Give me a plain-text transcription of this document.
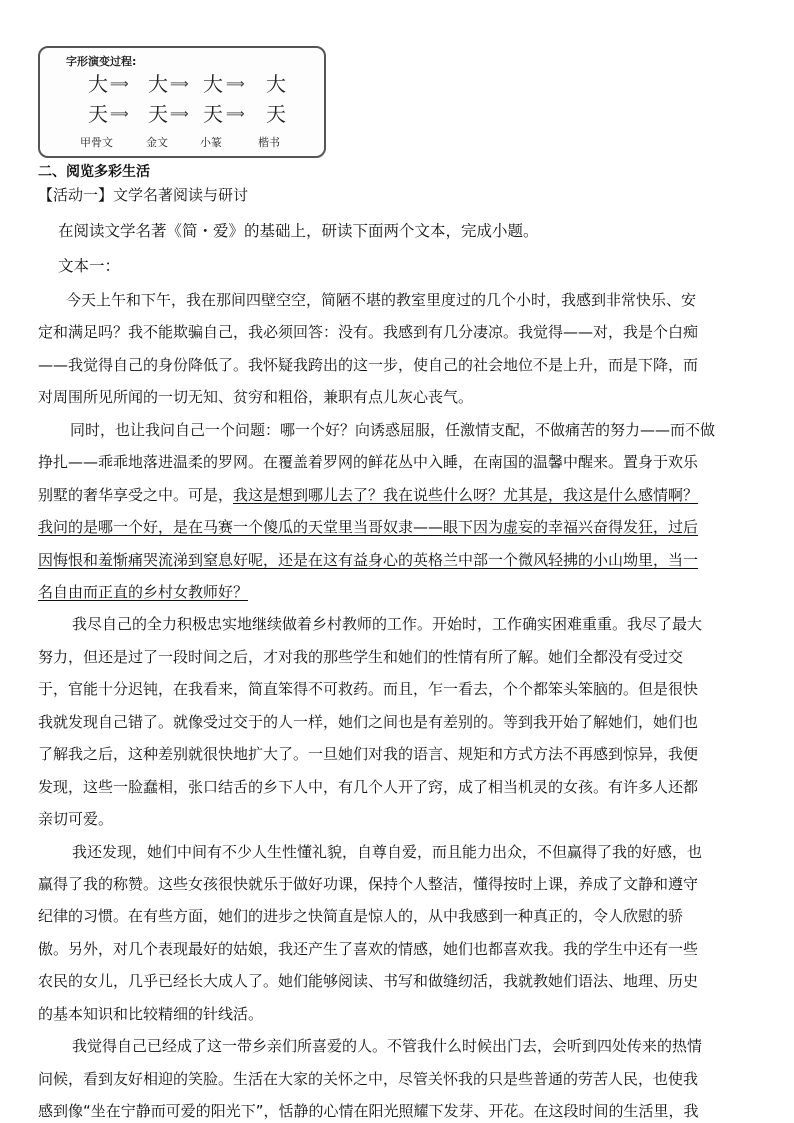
字形演变过程:
大 ⟹ 大 ⟹ 大 ⟹ 大
天 ⟹ 天 ⟹ 天 ⟹ 天
甲骨文	金文	小篆	楷书
二、阅览多彩生活
【活动一】文学名著阅读与研讨
在阅读文学名著《简・爱》的基础上，研读下面两个文本，完成小题。
文本一：
今天上午和下午，我在那间四壁空空，简陋不堪的教室里度过的几个小时，我感到非常快乐、安
定和满足吗？我不能欺骗自己，我必须回答：没有。我感到有几分凄凉。我觉得——对，我是个白痴
——我觉得自己的身份降低了。我怀疑我跨出的这一步，使自己的社会地位不是上升，而是下降，而
对周围所见所闻的一切无知、贫穷和粗俗，兼职有点儿灰心丧气。
同时，也让我问自己一个问题：哪一个好？向诱惑屈服，任激情支配，不做痛苦的努力——而不做
挣扎——乖乖地落进温柔的罗网。在覆盖着罗网的鲜花丛中入睡，在南国的温馨中醒来。置身于欢乐
别墅的奢华享受之中。可是，我这是想到哪儿去了？我在说些什么呀？尤其是，我这是什么感情啊？
我问的是哪一个好，是在马赛一个傻瓜的天堂里当哥奴隶——眼下因为虚妄的幸福兴奋得发狂，过后
因悔恨和羞惭痛哭流涕到窒息好呢，还是在这有益身心的英格兰中部一个微风轻拂的小山坳里，当一
名自由而正直的乡村女教师好？
我尽自己的全力积极忠实地继续做着乡村教师的工作。开始时，工作确实困难重重。我尽了最大
努力，但还是过了一段时间之后，才对我的那些学生和她们的性情有所了解。她们全都没有受过交
于，官能十分迟钝，在我看来，简直笨得不可救药。而且，乍一看去，个个都笨头笨脑的。但是很快
我就发现自己错了。就像受过交于的人一样，她们之间也是有差别的。等到我开始了解她们，她们也
了解我之后，这种差别就很快地扩大了。一旦她们对我的语言、规矩和方式方法不再感到惊异，我便
发现，这些一脸蠢相，张口结舌的乡下人中，有几个人开了窍，成了相当机灵的女孩。有许多人还都
亲切可爱。
我还发现，她们中间有不少人生性懂礼貌，自尊自爱，而且能力出众，不但赢得了我的好感，也
赢得了我的称赞。这些女孩很快就乐于做好功课，保持个人整洁，懂得按时上课，养成了文静和遵守
纪律的习惯。在有些方面，她们的进步之快简直是惊人的，从中我感到一种真正的，令人欣慰的骄
傲。另外，对几个表现最好的姑娘，我还产生了喜欢的情感，她们也都喜欢我。我的学生中还有一些
农民的女儿，几乎已经长大成人了。她们能够阅读、书写和做缝纫活，我就教她们语法、地理、历史
的基本知识和比较精细的针线活。
我觉得自己已经成了这一带乡亲们所喜爱的人。不管我什么时候出门去，会听到四处传来的热情
问候，看到友好相迎的笑脸。生活在大家的关怀之中，尽管关怀我的只是些普通的劳苦人民，也使我
感到像“坐在宁静而可爱的阳光下”，恬静的心情在阳光照耀下发芽、开花。在这段时间的生活里，我
